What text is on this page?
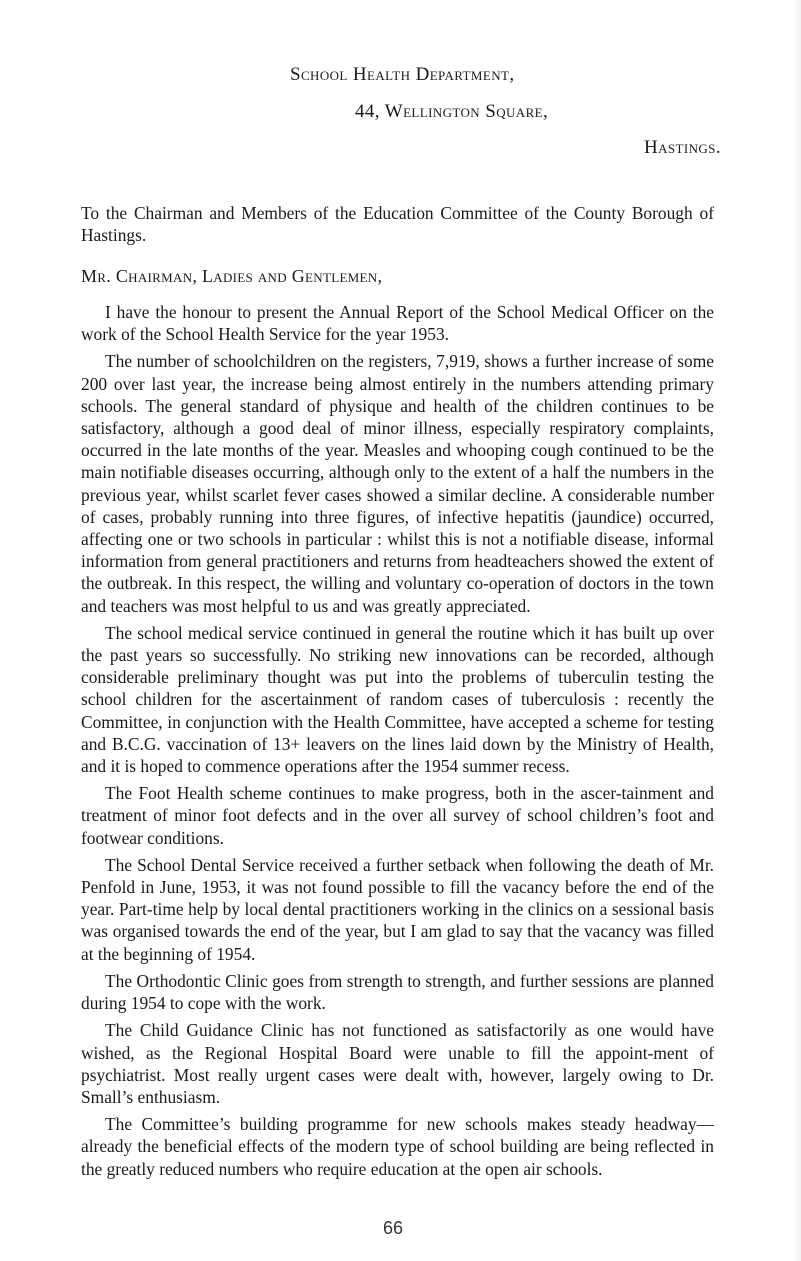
School Health Department,
44, Wellington Square,
Hastings.

To the Chairman and Members of the Education Committee of the County Borough of Hastings.

Mr. Chairman, Ladies and Gentlemen,

I have the honour to present the Annual Report of the School Medical Officer on the work of the School Health Service for the year 1953.

The number of schoolchildren on the registers, 7,919, shows a further increase of some 200 over last year, the increase being almost entirely in the numbers attending primary schools. The general standard of physique and health of the children continues to be satisfactory, although a good deal of minor illness, especially respiratory complaints, occurred in the late months of the year. Measles and whooping cough continued to be the main notifiable diseases occurring, although only to the extent of a half the numbers in the previous year, whilst scarlet fever cases showed a similar decline. A considerable number of cases, probably running into three figures, of infective hepatitis (jaundice) occurred, affecting one or two schools in particular : whilst this is not a notifiable disease, informal information from general practitioners and returns from headteachers showed the extent of the outbreak. In this respect, the willing and voluntary co-operation of doctors in the town and teachers was most helpful to us and was greatly appreciated.

The school medical service continued in general the routine which it has built up over the past years so successfully. No striking new innovations can be recorded, although considerable preliminary thought was put into the problems of tuberculin testing the school children for the ascertainment of random cases of tuberculosis : recently the Committee, in conjunction with the Health Committee, have accepted a scheme for testing and B.C.G. vaccination of 13+ leavers on the lines laid down by the Ministry of Health, and it is hoped to commence operations after the 1954 summer recess.

The Foot Health scheme continues to make progress, both in the ascer-tainment and treatment of minor foot defects and in the over all survey of school children’s foot and footwear conditions.

The School Dental Service received a further setback when following the death of Mr. Penfold in June, 1953, it was not found possible to fill the vacancy before the end of the year. Part-time help by local dental practitioners working in the clinics on a sessional basis was organised towards the end of the year, but I am glad to say that the vacancy was filled at the beginning of 1954.

The Orthodontic Clinic goes from strength to strength, and further sessions are planned during 1954 to cope with the work.

The Child Guidance Clinic has not functioned as satisfactorily as one would have wished, as the Regional Hospital Board were unable to fill the appoint-ment of psychiatrist. Most really urgent cases were dealt with, however, largely owing to Dr. Small’s enthusiasm.

The Committee’s building programme for new schools makes steady headway—already the beneficial effects of the modern type of school building are being reflected in the greatly reduced numbers who require education at the open air schools.

66
